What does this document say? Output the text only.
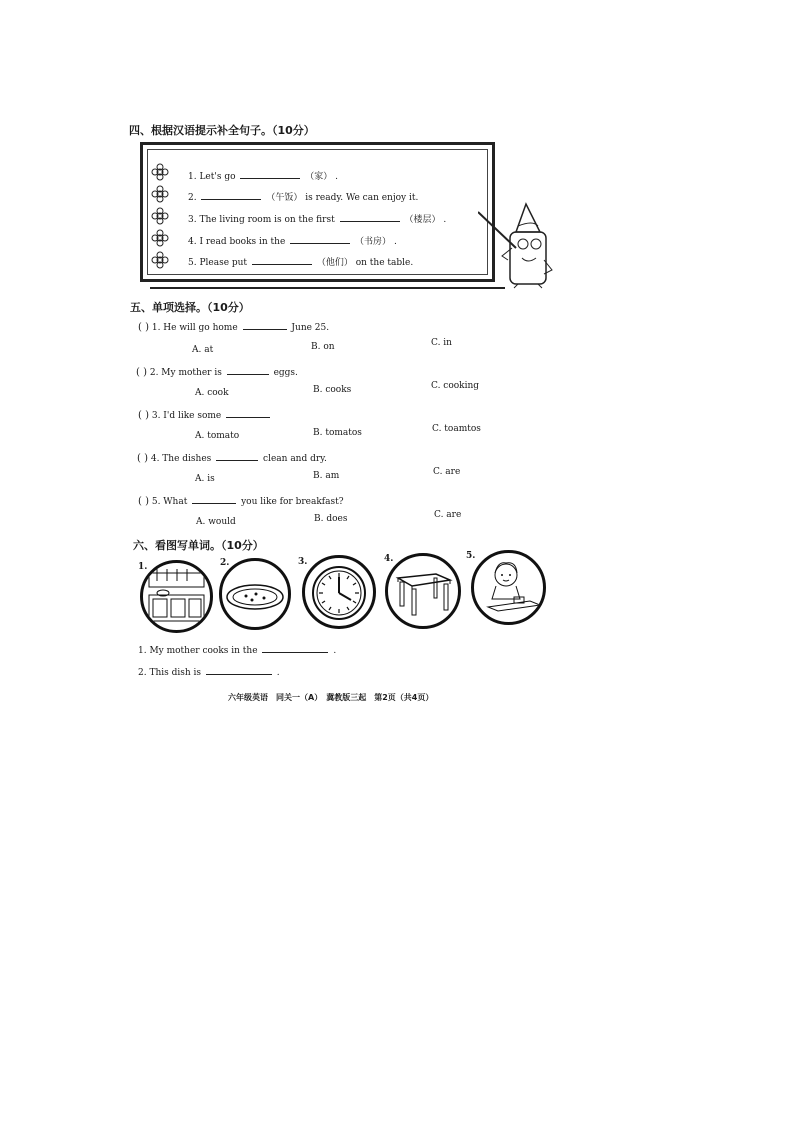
四、根据汉语提示补全句子。（10分）
1. Let's go	（家） .
2.	（午饭） is ready. We can enjoy it.
3. The living room is on the first	（楼层） .
4. I read books in the	（书房） .
5. Please put	（他们） on the table.
五、单项选择。（10分）
( ) 1. He will go home	June 25.
A. at	B. on	C. in
( ) 2. My mother is	eggs.
A. cook	B. cooks	C. cooking
( ) 3. I'd like some
A. tomato	B. tomatos	C. toamtos
( ) 4. The dishes	clean and dry.
A. is	B. am	C. are
( ) 5. What	you like for breakfast?
A. would	B. does	C. are
六、看图写单词。（10分）
1.	2.	3.	4.	5.
1. My mother cooks in the	.
2. This dish is	.
六年级英语　同关一（A）　冀教版三起　第2页（共4页）
